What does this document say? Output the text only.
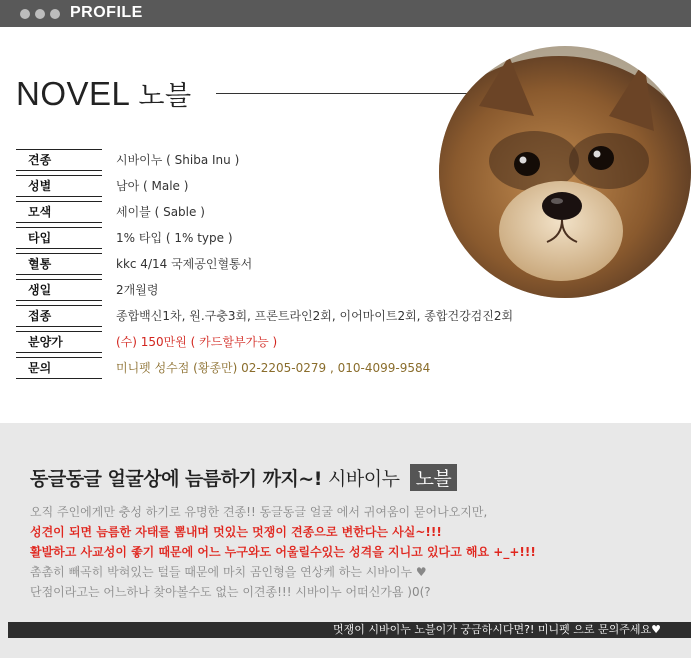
PROFILE
NOVEL 노블
견종	시바이누 ( Shiba Inu )
성별	남아 ( Male )
모색	세이블 ( Sable )
타입	1% 타입 ( 1% type )
혈통	kkc 4/14 국제공인혈통서
생일	2개월령
접종	종합백신1차, 원.구충3회, 프론트라인2회, 이어마이트2회, 종합건강검진2회
분양가	(수) 150만원 ( 카드할부가능 )
문의	미니펫 성수점 (황종만) 02-2205-0279 , 010-4099-9584
동글동글 얼굴상에 늠름하기 까지~! 시바이누 노블
오직 주인에게만 충성 하기로 유명한 견종!! 동글동글 얼굴 에서 귀여움이 묻어나오지만,
성견이 되면 늠름한 자태를 뽐내며 멋있는 멋쟁이 견종으로 변한다는 사실~!!!
활발하고 사교성이 좋기 때문에 어느 누구와도 어울릴수있는 성격을 지니고 있다고 해요 +_+!!!
촘촘히 빼곡히 박혀있는 털들 때문에 마치 곰인형을 연상케 하는 시바이누 ♥
단점이라고는 어느하나 찾아볼수도 없는 이견종!!! 시바이누 어떠신가욤 )0(?
멋쟁이 시바이누 노블이가 궁금하시다면?! 미니펫 으로 문의주세요♥
